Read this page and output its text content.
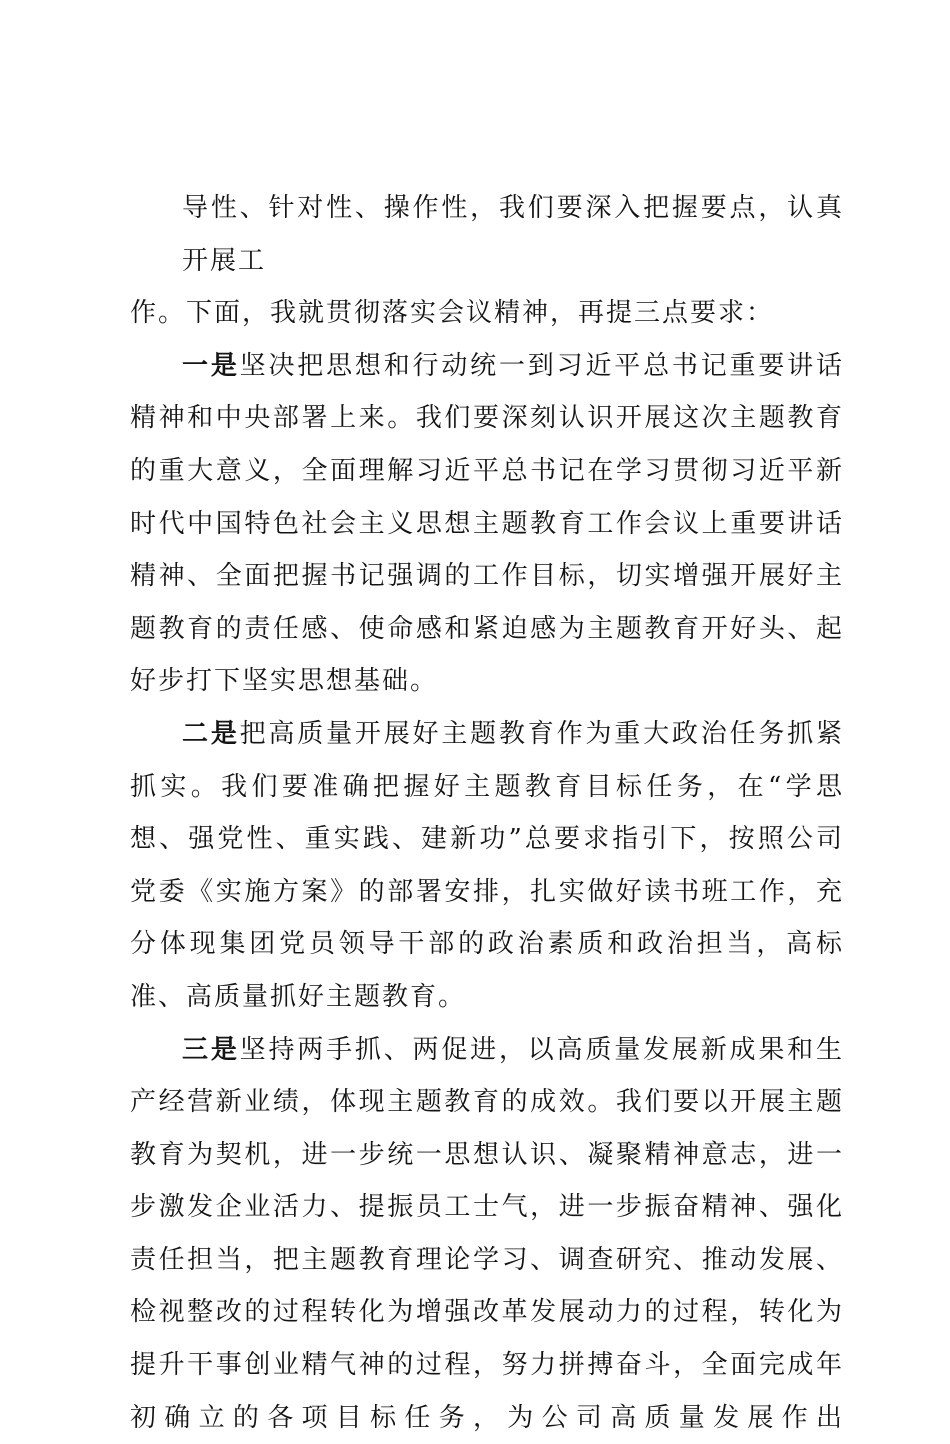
导性、针对性、操作性，我们要深入把握要点，认真开展工
作。下面，我就贯彻落实会议精神，再提三点要求：

一是坚决把思想和行动统一到习近平总书记重要讲话精神和中央部署上来。我们要深刻认识开展这次主题教育的重大意义，全面理解习近平总书记在学习贯彻习近平新时代中国特色社会主义思想主题教育工作会议上重要讲话精神、全面把握书记强调的工作目标，切实增强开展好主题教育的责任感、使命感和紧迫感为主题教育开好头、起好步打下坚实思想基础。

二是把高质量开展好主题教育作为重大政治任务抓紧抓实。我们要准确把握好主题教育目标任务，在“学思想、强党性、重实践、建新功”总要求指引下，按照公司党委《实施方案》的部署安排，扎实做好读书班工作，充分体现集团党员领导干部的政治素质和政治担当，高标准、高质量抓好主题教育。

三是坚持两手抓、两促进，以高质量发展新成果和生产经营新业绩，体现主题教育的成效。我们要以开展主题教育为契机，进一步统一思想认识、凝聚精神意志，进一步激发企业活力、提振员工士气，进一步振奋精神、强化责任担当，把主题教育理论学习、调查研究、推动发展、检视整改的过程转化为增强改革发展动力的过程，转化为提升干事创业精气神的过程，努力拼搏奋斗，全面完成年初确立的各项目标任务，为公司高质量发展作出
